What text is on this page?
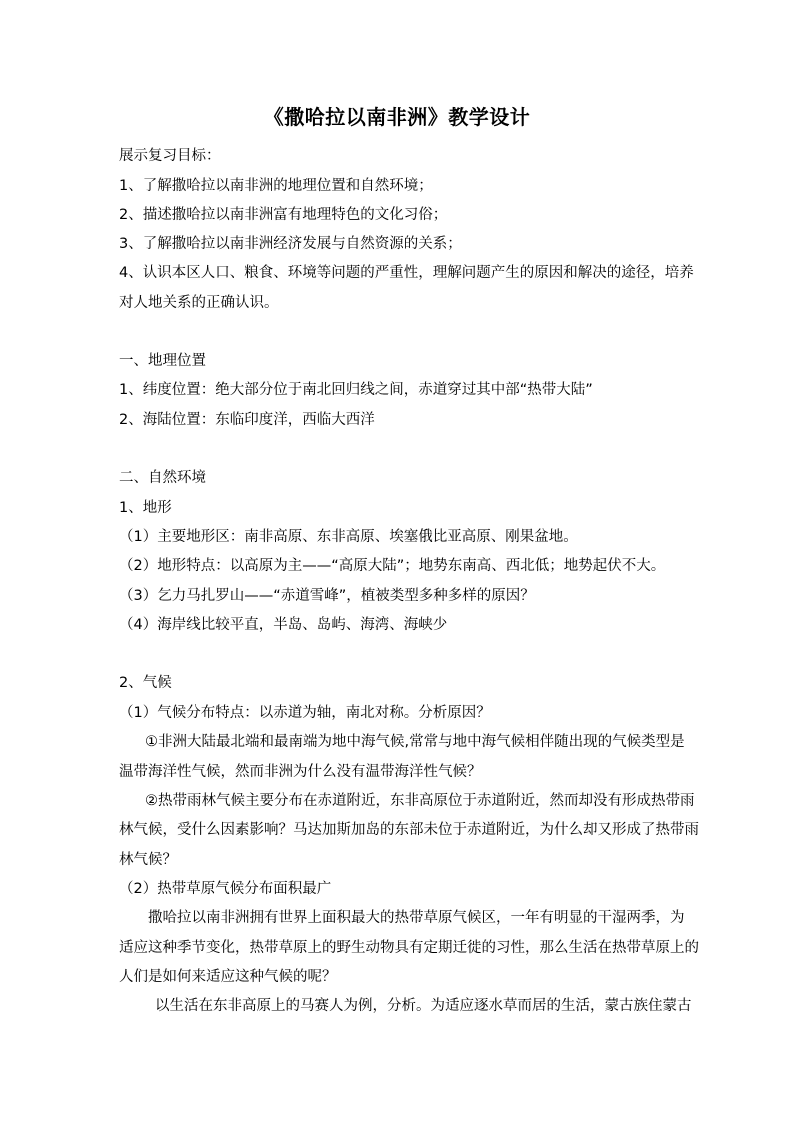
《撒哈拉以南非洲》教学设计
展示复习目标：
1、了解撒哈拉以南非洲的地理位置和自然环境；
2、描述撒哈拉以南非洲富有地理特色的文化习俗；
3、了解撒哈拉以南非洲经济发展与自然资源的关系；
4、认识本区人口、粮食、环境等问题的严重性，理解问题产生的原因和解决的途径，培养
对人地关系的正确认识。
一、地理位置
1、纬度位置：绝大部分位于南北回归线之间，赤道穿过其中部“热带大陆”
2、海陆位置：东临印度洋，西临大西洋
二、自然环境
1、地形
（1）主要地形区：南非高原、东非高原、埃塞俄比亚高原、刚果盆地。
（2）地形特点：以高原为主——“高原大陆”；地势东南高、西北低；地势起伏不大。
（3）乞力马扎罗山——“赤道雪峰”，植被类型多种多样的原因？
（4）海岸线比较平直，半岛、岛屿、海湾、海峡少
2、气候
（1）气候分布特点：以赤道为轴，南北对称。分析原因？
①非洲大陆最北端和最南端为地中海气候,常常与地中海气候相伴随出现的气候类型是
温带海洋性气候，然而非洲为什么没有温带海洋性气候？
②热带雨林气候主要分布在赤道附近，东非高原位于赤道附近，然而却没有形成热带雨
林气候，受什么因素影响？马达加斯加岛的东部未位于赤道附近，为什么却又形成了热带雨
林气候？
（2）热带草原气候分布面积最广
撒哈拉以南非洲拥有世界上面积最大的热带草原气候区，一年有明显的干湿两季，为
适应这种季节变化，热带草原上的野生动物具有定期迁徙的习性，那么生活在热带草原上的
人们是如何来适应这种气候的呢？
以生活在东非高原上的马赛人为例，分析。为适应逐水草而居的生活，蒙古族住蒙古
